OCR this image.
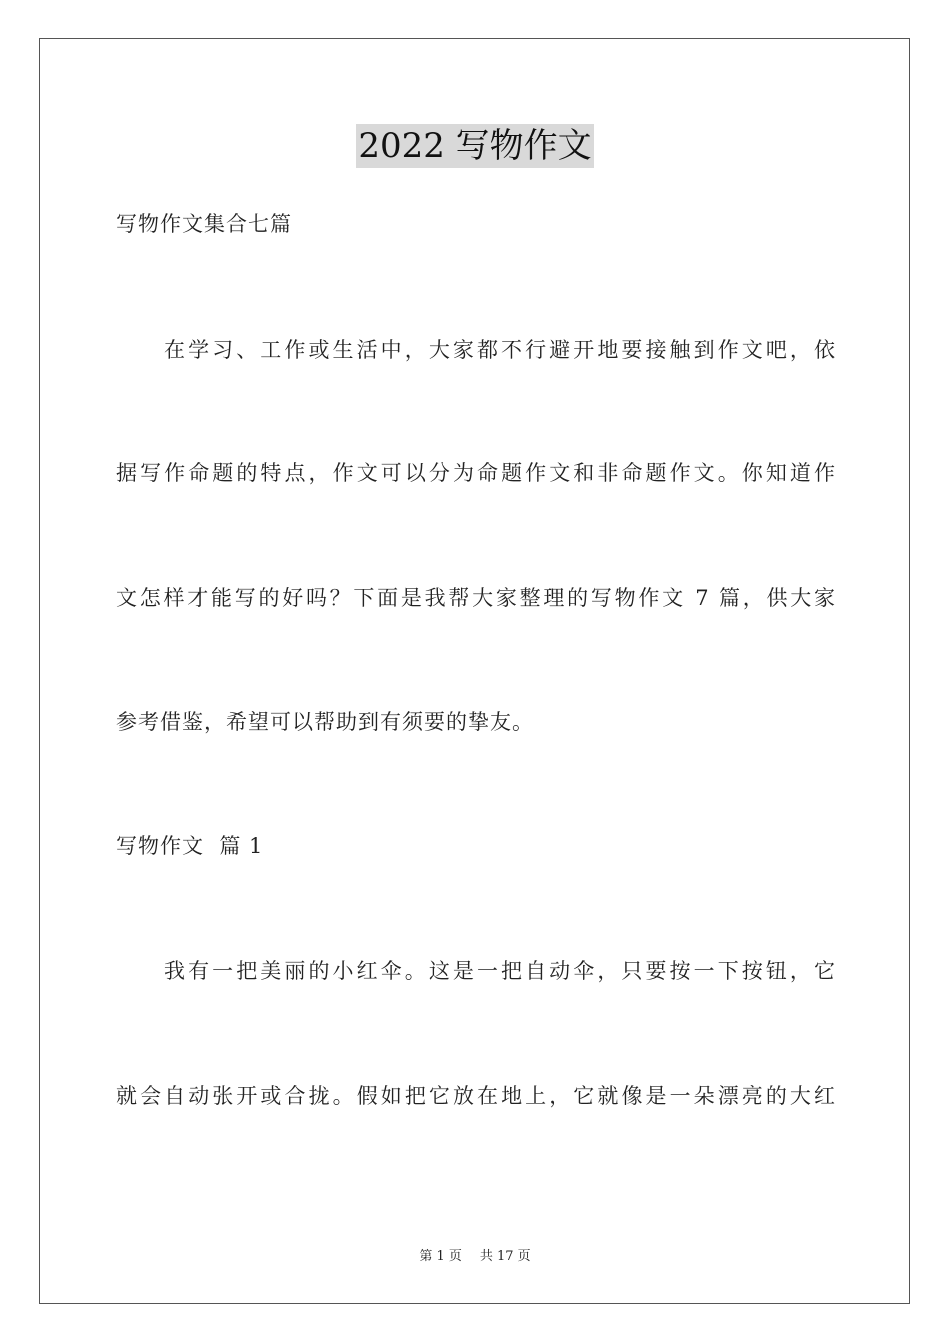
2022 写物作文
写物作文集合七篇
在学习、工作或生活中，大家都不行避开地要接触到作文吧，依
据写作命题的特点，作文可以分为命题作文和非命题作文。你知道作
文怎样才能写的好吗？下面是我帮大家整理的写物作文 7 篇，供大家
参考借鉴，希望可以帮助到有须要的挚友。
写物作文  篇 1
我有一把美丽的小红伞。这是一把自动伞，只要按一下按钮，它
就会自动张开或合拢。假如把它放在地上，它就像是一朵漂亮的大红
第 1 页 共 17 页
